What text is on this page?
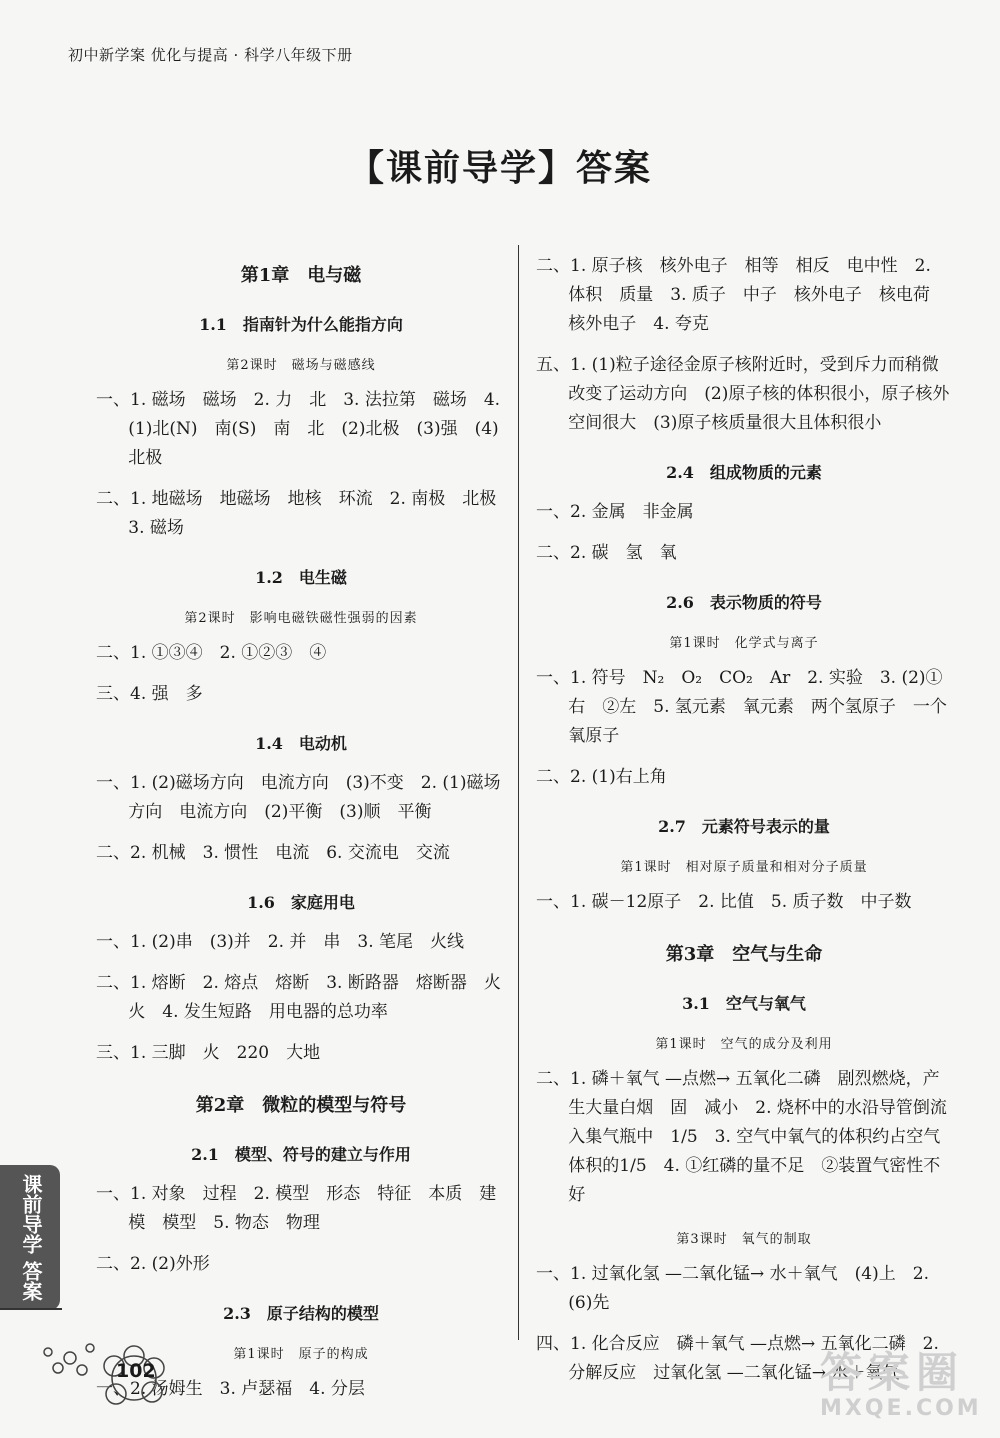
初中新学案 优化与提高 · 科学八年级下册
【课前导学】答案
第1章　电与磁
1.1　指南针为什么能指方向
第2课时　磁场与磁感线
一、1. 磁场　磁场　2. 力　北　3. 法拉第　磁场　4. (1)北(N)　南(S)　南　北　(2)北极　(3)强　(4)北极
二、1. 地磁场　地磁场　地核　环流　2. 南极　北极　3. 磁场
1.2　电生磁
第2课时　影响电磁铁磁性强弱的因素
二、1. ①③④　2. ①②③　④
三、4. 强　多
1.4　电动机
一、1. (2)磁场方向　电流方向　(3)不变　2. (1)磁场方向　电流方向　(2)平衡　(3)顺　平衡
二、2. 机械　3. 惯性　电流　6. 交流电　交流
1.6　家庭用电
一、1. (2)串　(3)并　2. 并　串　3. 笔尾　火线
二、1. 熔断　2. 熔点　熔断　3. 断路器　熔断器　火　火　4. 发生短路　用电器的总功率
三、1. 三脚　火　220　大地
第2章　微粒的模型与符号
2.1　模型、符号的建立与作用
一、1. 对象　过程　2. 模型　形态　特征　本质　建模　模型　5. 物态　物理
二、2. (2)外形
2.3　原子结构的模型
第1课时　原子的构成
一、2. 汤姆生　3. 卢瑟福　4. 分层
二、1. 原子核　核外电子　相等　相反　电中性　2. 体积　质量　3. 质子　中子　核外电子　核电荷　核外电子　4. 夸克
五、1. (1)粒子途径金原子核附近时，受到斥力而稍微改变了运动方向　(2)原子核的体积很小，原子核外空间很大　(3)原子核质量很大且体积很小
2.4　组成物质的元素
一、2. 金属　非金属
二、2. 碳　氢　氧
2.6　表示物质的符号
第1课时　化学式与离子
一、1. 符号　N₂　O₂　CO₂　Ar　2. 实验　3. (2)①右　②左　5. 氢元素　氧元素　两个氢原子　一个氧原子
二、2. (1)右上角
2.7　元素符号表示的量
第1课时　相对原子质量和相对分子质量
一、1. 碳－12原子　2. 比值　5. 质子数　中子数
第3章　空气与生命
3.1　空气与氧气
第1课时　空气的成分及利用
二、1. 磷＋氧气 —点燃→ 五氧化二磷　剧烈燃烧，产生大量白烟　固　减小　2. 烧杯中的水沿导管倒流入集气瓶中　1/5　3. 空气中氧气的体积约占空气体积的1/5　4. ①红磷的量不足　②装置气密性不好
第3课时　氧气的制取
一、1. 过氧化氢 —二氧化锰→ 水＋氧气　(4)上　2. (6)先
四、1. 化合反应　磷＋氧气 —点燃→ 五氧化二磷　2. 分解反应　过氧化氢 —二氧化锰→ 水＋氧气
课前导学 答案
102	答案圈
MXQE.COM
